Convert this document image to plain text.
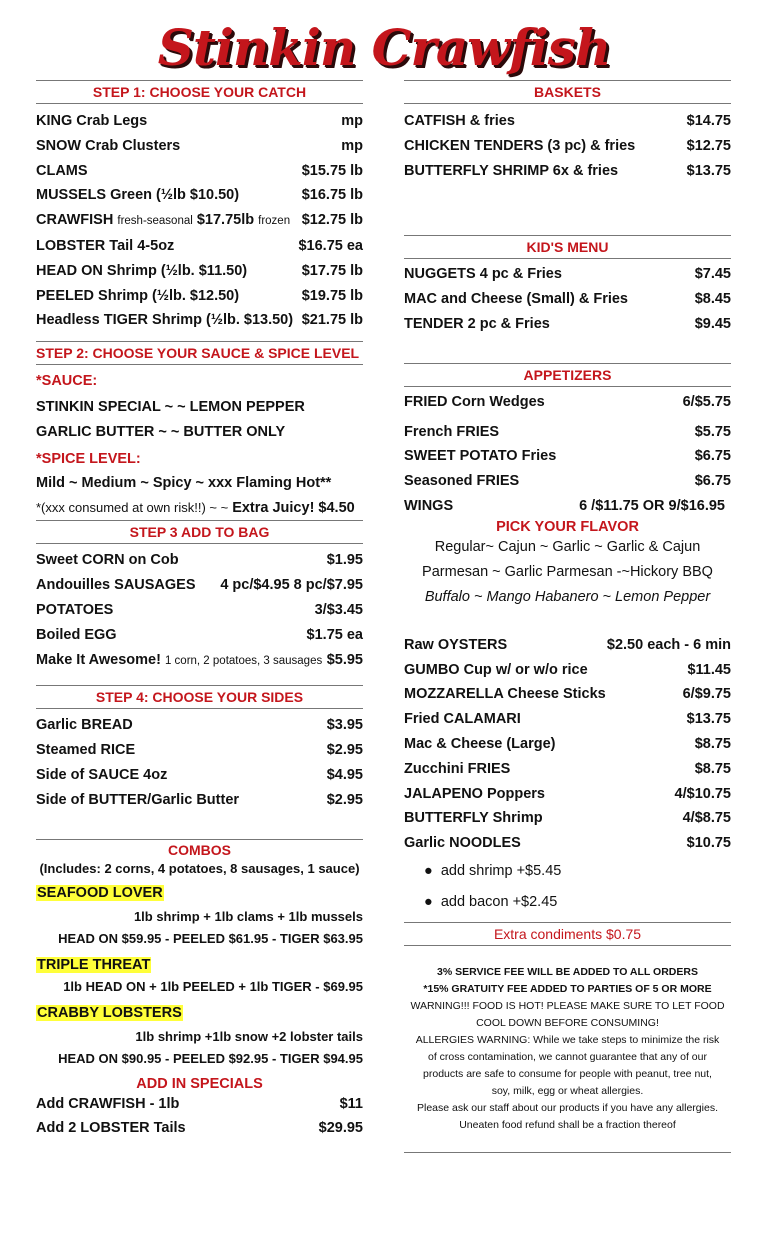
Stinkin Crawfish
STEP 1: CHOOSE YOUR CATCH
KING Crab Legs	mp
SNOW Crab Clusters	mp
CLAMS	$15.75 lb
MUSSELS Green (½lb $10.50)	$16.75 lb
CRAWFISH fresh-seasonal $17.75lb frozen $12.75 lb
LOBSTER Tail 4-5oz	$16.75 ea
HEAD ON Shrimp (½lb. $11.50)	$17.75 lb
PEELED Shrimp (½lb. $12.50)	$19.75 lb
Headless TIGER Shrimp (½lb. $13.50) $21.75 lb
STEP 2: CHOOSE YOUR SAUCE & SPICE LEVEL
*SAUCE:
STINKIN SPECIAL ~ ~ LEMON PEPPER
GARLIC BUTTER ~ ~ BUTTER ONLY
*SPICE LEVEL:
Mild ~ Medium ~ Spicy ~ xxx Flaming Hot**
*(xxx consumed at own risk!!) ~ ~ Extra Juicy! $4.50
STEP 3 ADD TO BAG
Sweet CORN on Cob	$1.95
Andouilles SAUSAGES 4 pc/$4.95 8 pc/$7.95
POTATOES	3/$3.45
Boiled EGG	$1.75 ea
Make It Awesome! 1 corn, 2 potatoes, 3 sausages $5.95
STEP 4: CHOOSE YOUR SIDES
Garlic BREAD	$3.95
Steamed RICE	$2.95
Side of SAUCE 4oz	$4.95
Side of BUTTER/Garlic Butter	$2.95
COMBOS
(Includes: 2 corns, 4 potatoes, 8 sausages, 1 sauce)
SEAFOOD LOVER
1lb shrimp + 1lb clams + 1lb mussels
HEAD ON $59.95 - PEELED $61.95 - TIGER $63.95
TRIPLE THREAT
1lb HEAD ON + 1lb PEELED + 1lb TIGER - $69.95
CRABBY LOBSTERS
1lb shrimp +1lb snow +2 lobster tails
HEAD ON $90.95 - PEELED $92.95 - TIGER $94.95
ADD IN SPECIALS
Add CRAWFISH - 1lb	$11
Add 2 LOBSTER Tails	$29.95
BASKETS
CATFISH & fries	$14.75
CHICKEN TENDERS (3 pc) & fries	$12.75
BUTTERFLY SHRIMP 6x & fries	$13.75
KID'S MENU
NUGGETS 4 pc & Fries	$7.45
MAC and Cheese (Small) & Fries	$8.45
TENDER 2 pc & Fries	$9.45
APPETIZERS
FRIED Corn Wedges	6/$5.75
French FRIES	$5.75
SWEET POTATO Fries	$6.75
Seasoned FRIES	$6.75
WINGS	6 /$11.75 OR 9/$16.95
PICK YOUR FLAVOR
Regular~ Cajun ~ Garlic ~ Garlic & Cajun
Parmesan ~ Garlic Parmesan -~Hickory BBQ
Buffalo ~ Mango Habanero ~ Lemon Pepper
Raw OYSTERS	$2.50 each - 6 min
GUMBO Cup w/ or w/o rice	$11.45
MOZZARELLA Cheese Sticks	6/$9.75
Fried CALAMARI	$13.75
Mac & Cheese (Large)	$8.75
Zucchini FRIES	$8.75
JALAPENO Poppers	4/$10.75
BUTTERFLY Shrimp	4/$8.75
Garlic NOODLES	$10.75
●  add shrimp +$5.45
●  add bacon +$2.45
Extra condiments $0.75
3% SERVICE FEE WILL BE ADDED TO ALL ORDERS
*15% GRATUITY FEE ADDED TO PARTIES OF 5 OR MORE
WARNING!!! FOOD IS HOT! PLEASE MAKE SURE TO LET FOOD
COOL DOWN BEFORE CONSUMING!
ALLERGIES WARNING: While we take steps to minimize the risk
of cross contamination, we cannot guarantee that any of our
products are safe to consume for people with peanut, tree nut,
soy, milk, egg or wheat allergies.
Please ask our staff about our products if you have any allergies.
Uneaten food refund shall be a fraction thereof
